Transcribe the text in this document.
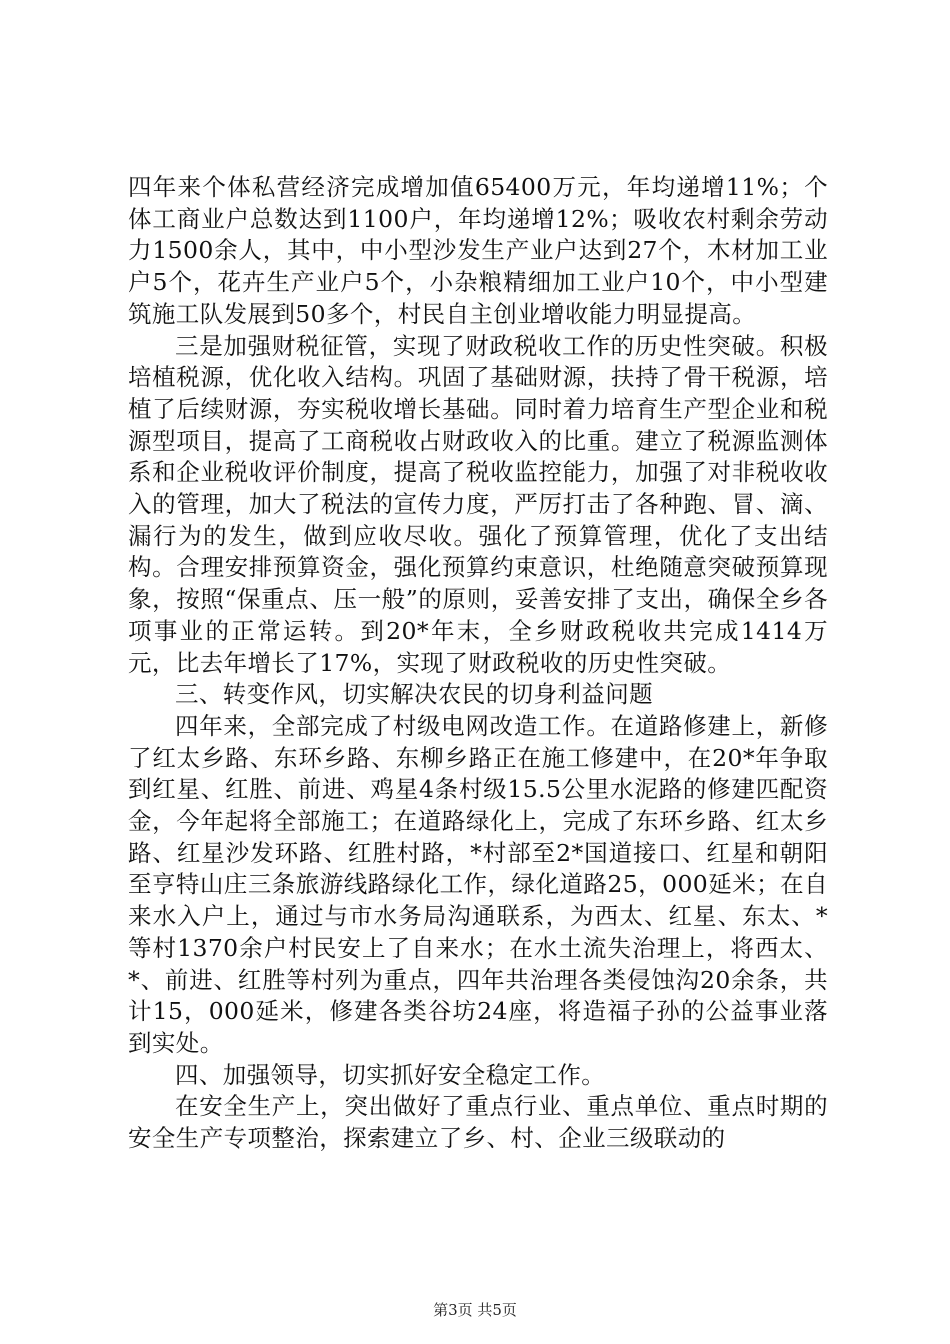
四年来个体私营经济完成增加值65400万元，年均递增11%；个体工商业户总数达到1100户，年均递增12%；吸收农村剩余劳动力1500余人，其中，中小型沙发生产业户达到27个，木材加工业户5个，花卉生产业户5个，小杂粮精细加工业户10个，中小型建筑施工队发展到50多个，村民自主创业增收能力明显提高。

三是加强财税征管，实现了财政税收工作的历史性突破。积极培植税源，优化收入结构。巩固了基础财源，扶持了骨干税源，培植了后续财源，夯实税收增长基础。同时着力培育生产型企业和税源型项目，提高了工商税收占财政收入的比重。建立了税源监测体系和企业税收评价制度，提高了税收监控能力，加强了对非税收收入的管理，加大了税法的宣传力度，严厉打击了各种跑、冒、滴、漏行为的发生，做到应收尽收。强化了预算管理，优化了支出结构。合理安排预算资金，强化预算约束意识，杜绝随意突破预算现象，按照“保重点、压一般”的原则，妥善安排了支出，确保全乡各项事业的正常运转。到20*年末，全乡财政税收共完成1414万元，比去年增长了17%，实现了财政税收的历史性突破。

三、转变作风，切实解决农民的切身利益问题

四年来，全部完成了村级电网改造工作。在道路修建上，新修了红太乡路、东环乡路、东柳乡路正在施工修建中，在20*年争取到红星、红胜、前进、鸡星4条村级15.5公里水泥路的修建匹配资金，今年起将全部施工；在道路绿化上，完成了东环乡路、红太乡路、红星沙发环路、红胜村路，*村部至2*国道接口、红星和朝阳至亨特山庄三条旅游线路绿化工作，绿化道路25，000延米；在自来水入户上，通过与市水务局沟通联系，为西太、红星、东太、*等村1370余户村民安上了自来水；在水土流失治理上，将西太、*、前进、红胜等村列为重点，四年共治理各类侵蚀沟20余条，共计15，000延米，修建各类谷坊24座，将造福子孙的公益事业落到实处。

四、加强领导，切实抓好安全稳定工作。

在安全生产上，突出做好了重点行业、重点单位、重点时期的安全生产专项整治，探索建立了乡、村、企业三级联动的

第3页 共5页
